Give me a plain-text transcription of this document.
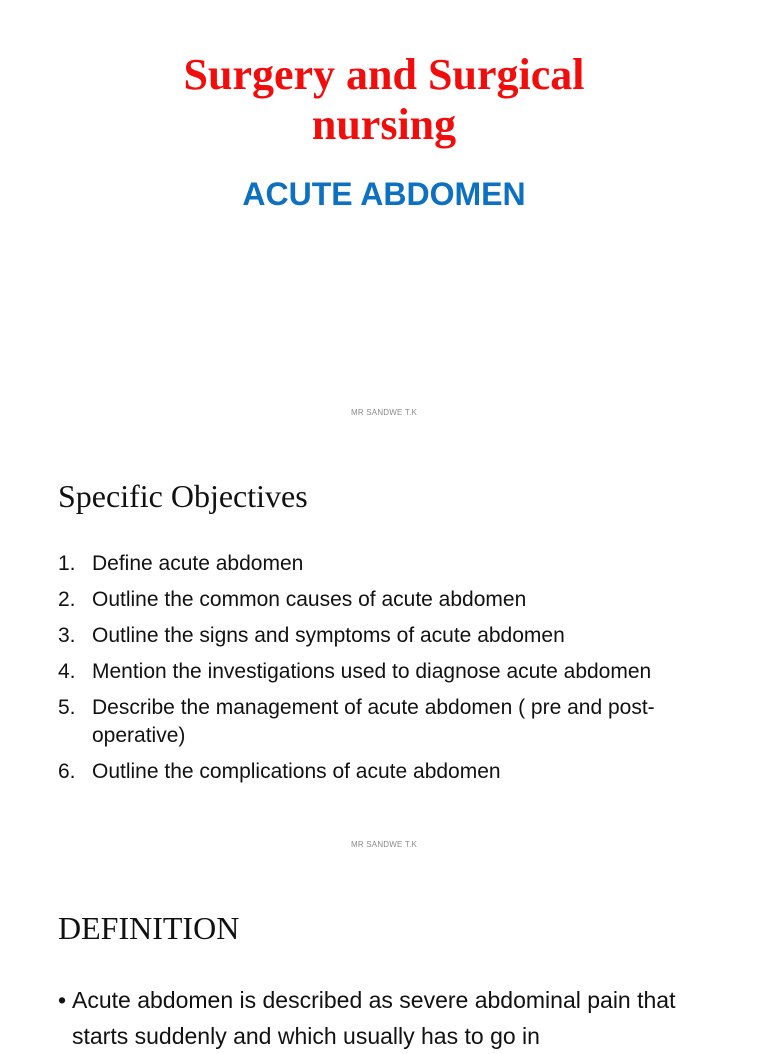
Surgery and Surgical
nursing
ACUTE ABDOMEN
MR SANDWE T.K
Specific Objectives
1. Define acute abdomen
2. Outline the common causes of acute abdomen
3. Outline the signs and symptoms of acute abdomen
4. Mention the investigations used to diagnose acute abdomen
5. Describe the management of acute abdomen ( pre and post-operative)
6. Outline the complications of acute abdomen
MR SANDWE T.K
DEFINITION
• Acute abdomen is described as severe abdominal pain that starts suddenly and which usually has to go in
